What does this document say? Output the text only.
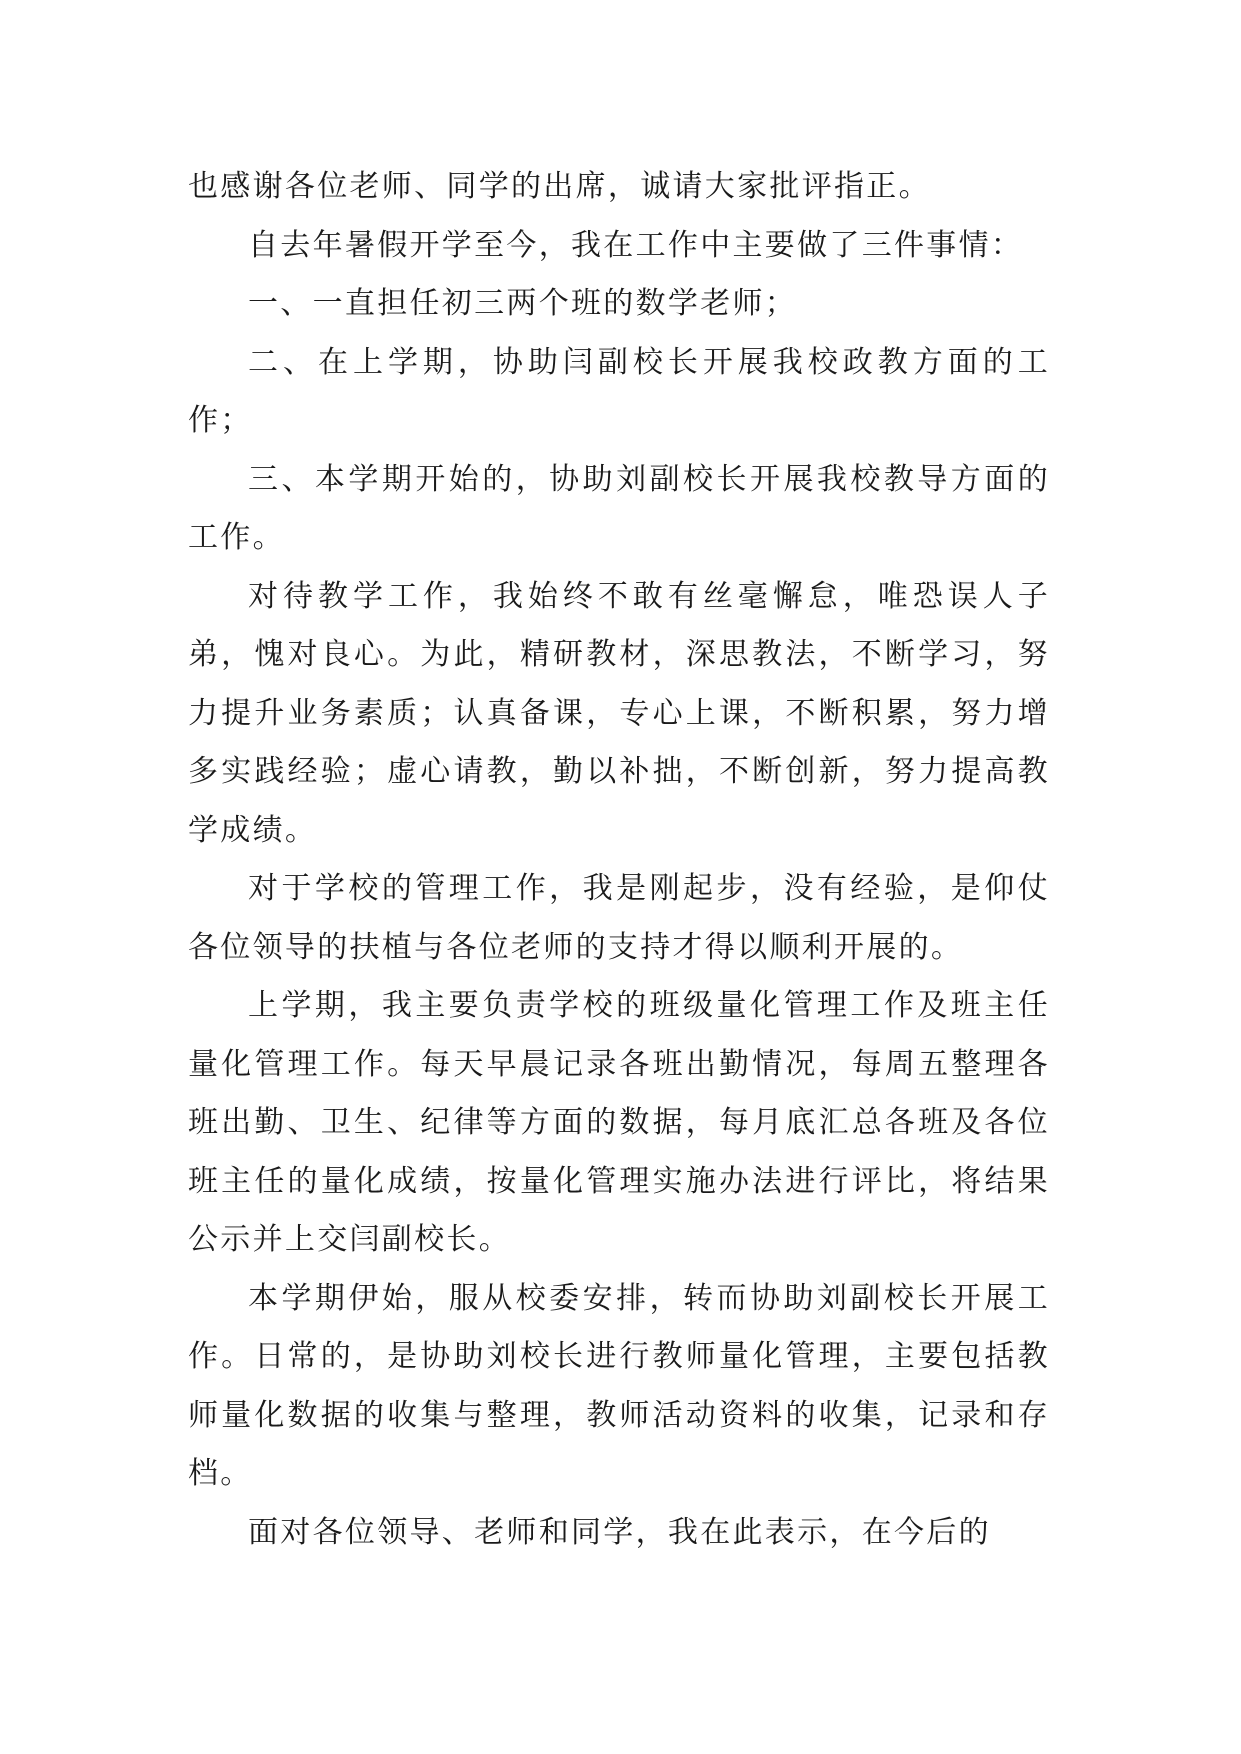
也感谢各位老师、同学的出席，诚请大家批评指正。

自去年暑假开学至今，我在工作中主要做了三件事情：

一、一直担任初三两个班的数学老师；

二、在上学期，协助闫副校长开展我校政教方面的工作；

三、本学期开始的，协助刘副校长开展我校教导方面的工作。

对待教学工作，我始终不敢有丝毫懈怠，唯恐误人子弟，愧对良心。为此，精研教材，深思教法，不断学习，努力提升业务素质；认真备课，专心上课，不断积累，努力增多实践经验；虚心请教，勤以补拙，不断创新，努力提高教学成绩。

对于学校的管理工作，我是刚起步，没有经验，是仰仗各位领导的扶植与各位老师的支持才得以顺利开展的。

上学期，我主要负责学校的班级量化管理工作及班主任量化管理工作。每天早晨记录各班出勤情况，每周五整理各班出勤、卫生、纪律等方面的数据，每月底汇总各班及各位班主任的量化成绩，按量化管理实施办法进行评比，将结果公示并上交闫副校长。

本学期伊始，服从校委安排，转而协助刘副校长开展工作。日常的，是协助刘校长进行教师量化管理，主要包括教师量化数据的收集与整理，教师活动资料的收集，记录和存档。

面对各位领导、老师和同学，我在此表示，在今后的
